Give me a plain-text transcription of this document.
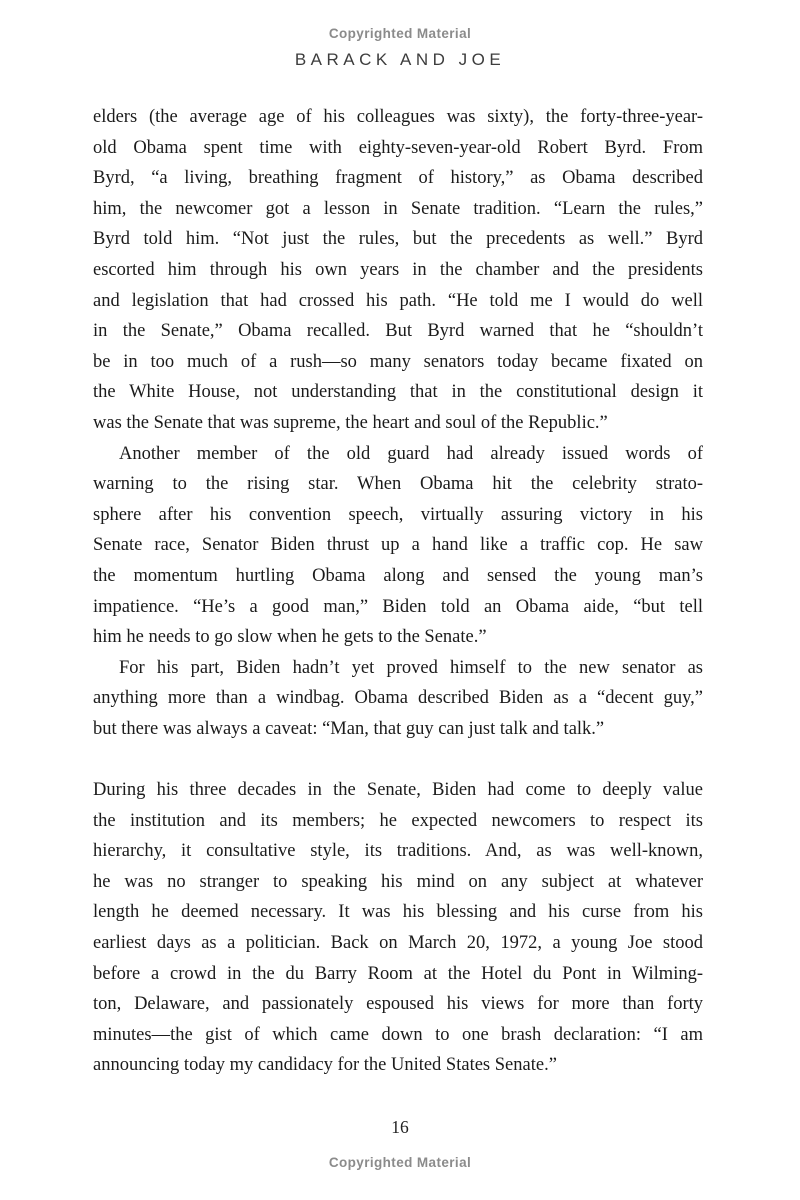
Copyrighted Material
BARACK AND JOE
elders (the average age of his colleagues was sixty), the forty-three-year-
old Obama spent time with eighty-seven-year-old Robert Byrd. From
Byrd, “a living, breathing fragment of history,” as Obama described
him, the newcomer got a lesson in Senate tradition. “Learn the rules,”
Byrd told him. “Not just the rules, but the precedents as well.” Byrd
escorted him through his own years in the chamber and the presidents
and legislation that had crossed his path. “He told me I would do well
in the Senate,” Obama recalled. But Byrd warned that he “shouldn’t
be in too much of a rush—so many senators today became fixated on
the White House, not understanding that in the constitutional design it
was the Senate that was supreme, the heart and soul of the Republic.”
Another member of the old guard had already issued words of
warning to the rising star. When Obama hit the celebrity strato-
sphere after his convention speech, virtually assuring victory in his
Senate race, Senator Biden thrust up a hand like a traffic cop. He saw
the momentum hurtling Obama along and sensed the young man’s
impatience. “He’s a good man,” Biden told an Obama aide, “but tell
him he needs to go slow when he gets to the Senate.”
For his part, Biden hadn’t yet proved himself to the new senator as
anything more than a windbag. Obama described Biden as a “decent guy,”
but there was always a caveat: “Man, that guy can just talk and talk.”
During his three decades in the Senate, Biden had come to deeply value
the institution and its members; he expected newcomers to respect its
hierarchy, it consultative style, its traditions. And, as was well-known,
he was no stranger to speaking his mind on any subject at whatever
length he deemed necessary. It was his blessing and his curse from his
earliest days as a politician. Back on March 20, 1972, a young Joe stood
before a crowd in the du Barry Room at the Hotel du Pont in Wilming-
ton, Delaware, and passionately espoused his views for more than forty
minutes—the gist of which came down to one brash declaration: “I am
announcing today my candidacy for the United States Senate.”
16
Copyrighted Material
